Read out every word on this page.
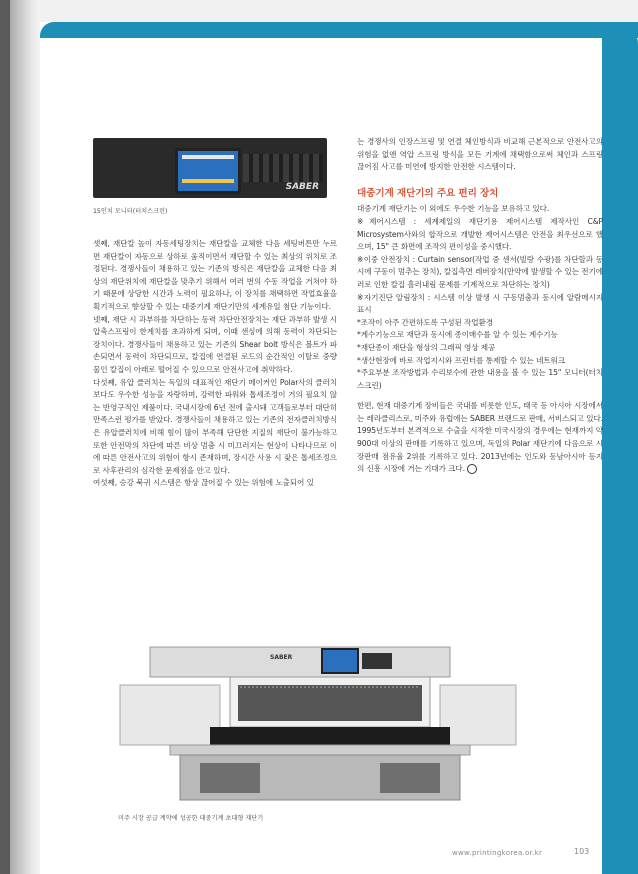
SABER
15인치 모니터(터치스크린)

셋째, 재단칼 높이 자동세팅장치는 재단칼을 교체한 다음 세팅버튼만 누르면 재단칼이 자동으로 상하로 움직이면서 재단할 수 있는 최상의 위치로 조정된다. 경쟁사들이 채용하고 있는 기존의 방식은 재단칼을 교체한 다음 최상의 재단위치에 재단칼을 맞추기 위해서 여러 번의 수동 작업을 거쳐야 하기 때문에 상당한 시간과 노력이 필요하나, 이 장치를 채택하면 작업효율을 획기적으로 향상할 수 있는 대중기계 재단기만의 세계유일 첨단 기능이다.

넷째, 재단 시 과부하를 차단하는 동력 차단안전장치는 재단 과부하 발생 시 압축스프링이 한계치를 초과하게 되며, 이때 센싱에 의해 동력이 차단되는 장치이다. 경쟁사들이 채용하고 있는 기존의 Shear bolt 방식은 볼트가 파손되면서 동력이 차단되므로, 칼집에 연결된 로드의 순간적인 이탈로 중량물인 칼집이 아래로 떨어질 수 있으므로 안전사고에 취약하다.

다섯째, 유압 클러치는 독일의 대표적인 재단기 메이커인 Polar사의 클러치보다도 우수한 성능을 자랑하며, 강력한 파워와 톱세조정이 거의 필요치 않는 반영구적인 제품이다. 국내시장에 6년 전에 출시돼 고객들로부터 대단히 만족스런 평가를 받았다. 경쟁사들이 채용하고 있는 기존의 전자클러치방식은 유압클러치에 비해 힘이 많이 부족해 단단한 지질의 재단이 불가능하고 또한 안전막의 차단에 따른 비상 멈춤 시 미끄러지는 현상이 나타나므로 이에 따른 안전사고의 위험이 항시 존재하며, 장시간 사용 시 잦은 톱세조정으로 사후관리의 심각한 문제점을 안고 있다.

여섯째, 승강 북귀 시스템은 항상 끊어질 수 있는 위험에 노출되어 있

는 경쟁사의 인장스프링 및 연결 체인방식과 비교해 근본적으로 안전사고의 위험을 없앤 역압 스프링 방식을 모든 기계에 채택함으로써 체인과 스프링 끊어짐 사고를 미연에 방지한 안전한 시스템이다.

대중기계 재단기의 주요 편리 장치

대중기계 재단기는 이 외에도 우수한 기능을 보유하고 있다.

※제어시스템 : 세계제일의 재단기용 제어시스템 제작사인 C&P Microsystem사와의 합작으로 개발한 제어시스템은 안전을 최우선으로 했으며, 15" 큰 화면에 조작의 편이성을 중시했다.

※이중 안전장치 : Curtain sensor(작업 중 센서(빌랑 수광)를 차단할과 동시에 구동이 멈추는 장치), 칼집측면 레버장치(만약에 발생할 수 있는 전기에러로 인한 칼집 흘러내림 문제를 기계적으로 차단하는 장치)

※자기진단 알림장치 : 시스템 이상 발생 시 구동멈춤과 동시에 알람메시지 표시

*조작이 아주 간편하도록 구성된 작업환경

*계수기능으로 재단과 동시에 종이매수를 알 수 있는 계수기능

*재단종이 재단을 형상의 그래픽 영상 제공

*생산현장에 바로 작업지시와 프린터를 통제할 수 있는 네트워크

*주요부분 조작방법과 수리보수에 관한 내용을 볼 수 있는 15" 모니터(터치스크린)

한편, 현재 대중기계 장비들은 국내를 비롯한 인도, 태국 등 아시아 시장에서는 레라클리스로, 미주와 유럽에는 SABER 브랜드로 판매, 서비스되고 있다. 1995년도부터 본격적으로 수출을 시작한 미국시장의 경우에는 현재까지 약 900대 이상의 판매를 기록하고 있으며, 독일의 Polar 재단기에 다음으로 시장판매 점유율 2위를 기록하고 있다. 2013년에는 인도와 동남아시아 등지의 신흥 시장에 거는 기대가 크다.

SABER
미주 시장 공급 계약에 성공한 대중기계 초대형 재단기
www.printingkorea.or.kr	103
